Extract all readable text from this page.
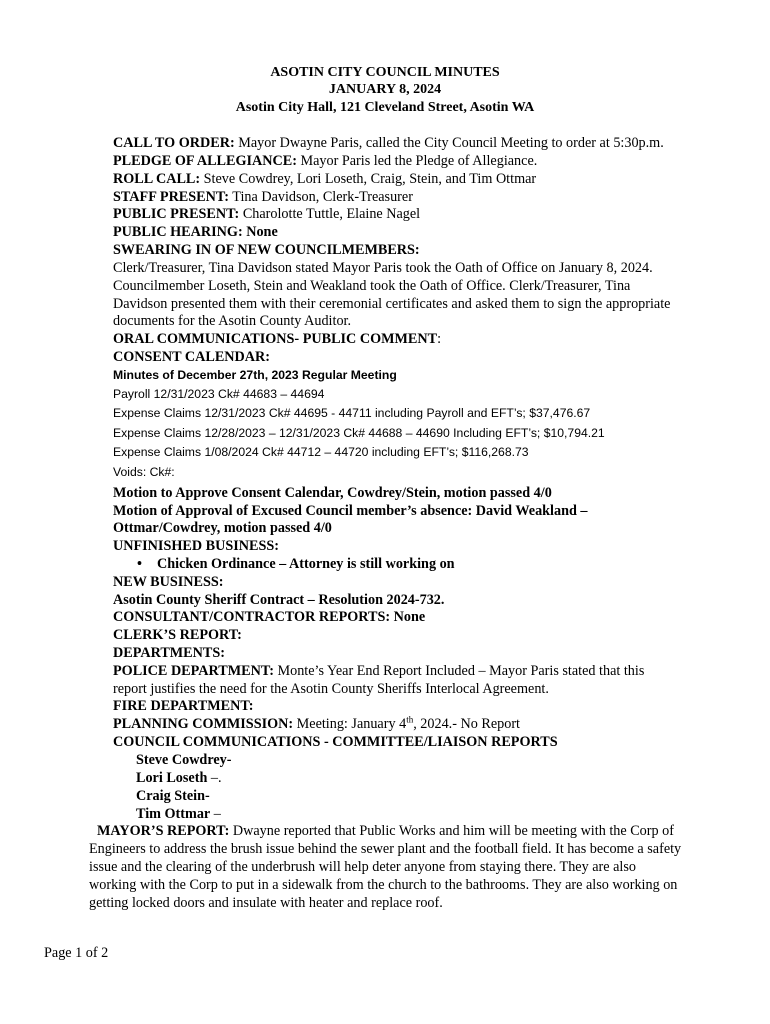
ASOTIN CITY COUNCIL MINUTES
JANUARY 8, 2024
Asotin City Hall, 121 Cleveland Street, Asotin WA
CALL TO ORDER: Mayor Dwayne Paris, called the City Council Meeting to order at 5:30p.m.
PLEDGE OF ALLEGIANCE: Mayor Paris led the Pledge of Allegiance.
ROLL CALL: Steve Cowdrey, Lori Loseth, Craig, Stein, and Tim Ottmar
STAFF PRESENT: Tina Davidson, Clerk-Treasurer
PUBLIC PRESENT: Charolotte Tuttle, Elaine Nagel
PUBLIC HEARING: None
SWEARING IN OF NEW COUNCILMEMBERS:
Clerk/Treasurer, Tina Davidson stated Mayor Paris took the Oath of Office on January 8, 2024.
Councilmember Loseth, Stein and Weakland took the Oath of Office. Clerk/Treasurer, Tina
Davidson presented them with their ceremonial certificates and asked them to sign the appropriate
documents for the Asotin County Auditor.
ORAL COMMUNICATIONS- PUBLIC COMMENT:
CONSENT CALENDAR:
Minutes of December 27th, 2023 Regular Meeting
Payroll 12/31/2023 Ck# 44683 – 44694
Expense Claims 12/31/2023 Ck# 44695 - 44711 including Payroll and EFT’s; $37,476.67
Expense Claims 12/28/2023 – 12/31/2023 Ck# 44688 – 44690 Including EFT’s; $10,794.21
Expense Claims 1/08/2024 Ck# 44712 – 44720 including EFT’s; $116,268.73
Voids: Ck#:
Motion to Approve Consent Calendar, Cowdrey/Stein, motion passed 4/0
Motion of Approval of Excused Council member’s absence: David Weakland –
Ottmar/Cowdrey, motion passed 4/0
UNFINISHED BUSINESS:
• Chicken Ordinance – Attorney is still working on
NEW BUSINESS:
Asotin County Sheriff Contract – Resolution 2024-732.
CONSULTANT/CONTRACTOR REPORTS: None
CLERK’S REPORT:
DEPARTMENTS:
POLICE DEPARTMENT: Monte’s Year End Report Included – Mayor Paris stated that this
report justifies the need for the Asotin County Sheriffs Interlocal Agreement.
FIRE DEPARTMENT:
PLANNING COMMISSION: Meeting: January 4th, 2024.- No Report
COUNCIL COMMUNICATIONS - COMMITTEE/LIAISON REPORTS
Steve Cowdrey-
Lori Loseth –.
Craig Stein-
Tim Ottmar –
MAYOR’S REPORT: Dwayne reported that Public Works and him will be meeting with the Corp of
Engineers to address the brush issue behind the sewer plant and the football field. It has become a safety
issue and the clearing of the underbrush will help deter anyone from staying there. They are also
working with the Corp to put in a sidewalk from the church to the bathrooms. They are also working on
getting locked doors and insulate with heater and replace roof.
Page 1 of 2
